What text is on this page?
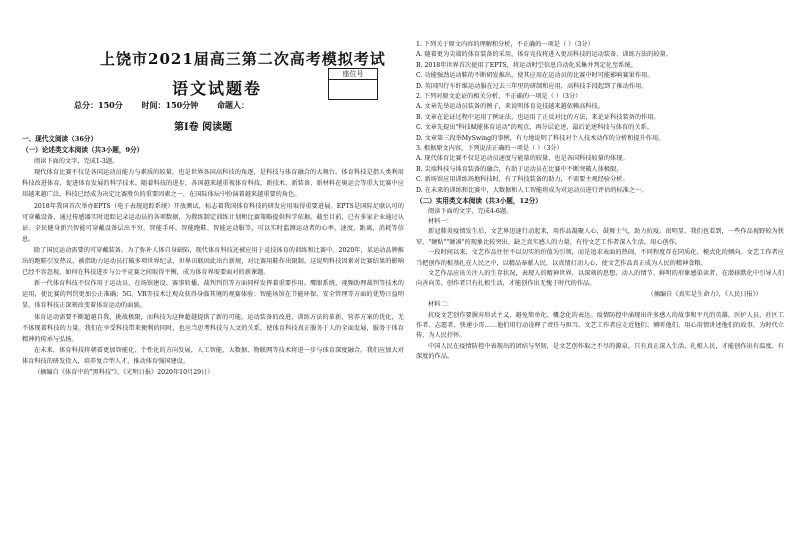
上饶市2021届高三第二次高考模拟考试
语文试题卷
座位号
总分：150分 时间：150分钟 命题人：
第Ⅰ卷 阅读题

一、现代文阅读（36分）

（一）论述类文本阅读（共3小题，9分）

阅读下面的文字，完成1-3题。

现代体育比赛不仅是各国运动员能力与素质的较量，也是世界各国高科技的角逐，是科技与体育融合的大舞台。体育科技是指人类利用科技改进体育，促进体育发展的科学技术。随着科技的进步，各国越来越重视体育科技，新技术、新装备、新材料在奥运会等重大比赛中应用越来越广泛，科技已经成为决定比赛胜负的重要因素之一，在国际体坛中扮演着越来越重要的角色。

2018年我国首次举办EPTS（电子表现追踪系统）开放测试，标志着我国体育科技的研发应用取得重要进展。EPTS是国际足联认可的可穿戴设备，通过传感器实时追踪记录运动员的各项数据，为教练制定训练计划和比赛策略提供科学依据。截至目前，已有多家企业通过认证。全民健身新兴智能可穿戴设备层出不穷，智能手环、智能跑鞋、智能运动服等，可以实时监测运动者的心率、速度、距离、消耗等信息。

除了国民运动需要的可穿戴装备，为了弥补人体自身缺陷，现代体育科技还被应用于竞技体育的训练和比赛中。2020年，某运动品牌推出的跑鞋引发热议，被指助力运动员打破多项世界纪录，世界田联因此出台新规，对比赛用鞋作出限制。这说明科技因素对比赛结果的影响已经不容忽视，如何在科技进步与公平竞赛之间取得平衡，成为体育界需要面对的新课题。

新一代体育科技不仅作用于运动员，在场馆建设、赛事转播、裁判判罚等方面同样发挥着重要作用。鹰眼系统、视频助理裁判等技术的运用，使比赛的判罚更加公正准确；5G、VR等技术让观众获得身临其境的观赛体验；智能场馆在节能环保、安全管理等方面的优势日益明显，体育科技正深刻改变着体育运动的面貌。

体育运动需要不断超越自我、挑战极限，而科技为这种超越提供了新的可能。运动装备的改进、训练方法的革新、营养方案的优化，无不体现着科技的力量。我们在享受科技带来便利的同时，也应当思考科技与人文的关系，使体育科技真正服务于人的全面发展，服务于体育精神的传承与弘扬。

在未来，体育科技将朝着更加智能化、个性化的方向发展，人工智能、大数据、物联网等技术将进一步与体育深度融合。我们应加大对体育科技的研发投入，培养复合型人才，推动体育强国建设。

（摘编自《体育中的"黑科技"》，《光明日报》2020年10月29日）

1. 下列关于原文内容的理解和分析，不正确的一项是（ ）（3分）

A. 随着更为尖端的体育装备的采用，体育竞技将进入更高科技的运动装备、训练方法的较量。

B. 2018年世界首次使用了EPTS，将运动时空信息自动化采集并判定化至系统。

C. 功能强劲运动鞋的不断研发推出，使其应用在运动员的比赛中时可能影响赛果作用。

D. 英国四行车纤维运动服在过去三年里的研制和应用，高科技手段起到了推动作用。

2. 下列对原文论证的相关分析，不正确的一项是（ ）（3分）

A. 文章先举运动员装备的例子，来说明体育竞技越来越依赖高科技。

B. 文章在论证过程中运用了例证法，也运用了正反对比的方法，来论证科技装备的作用。

C. 文章先提出"科技赋能体育运动"的观点，再分层论述，最后论述科技与体育的关系。

D. 文章第三段举MySwing的事例，有力地说明了科技对个人技术动作的分析和提升作用。

3. 根据原文内容，下列说法正确的一项是（ ）（3分）

A. 现代体育比赛不仅是运动员速度与能量的较量，也是各国科技较量的体现。

B. 尖端科技与体育装备的融合，有助于运动员在比赛中不断突破人体极限。

C. 新场馆应用训练场地科技时，有了科技装备的助力，不需要主观经验分析。

D. 在未来的训练和比赛中，大数据和人工智能将成为对运动员进行评估的标准之一。

（二）实用类文本阅读（共3小题，12分）

阅读下面的文字，完成4-6题。

材料一：

新冠肺炎疫情发生后，文艺界迅速行动起来，用作品凝聚人心，鼓舞士气，助力抗疫。很明显，我们也看到，一些作品视野较为狭窄，"硬贴""硬凑"的现象比较突出，缺乏真实感人的力量，有待文艺工作者深入生活，用心创作。

一段时间以来，文艺作品往往不以切实的价值为引领，而是追求表面的热闹，不同程度存在同质化、模式化的倾向。文艺工作者应当把创作的根基扎在人民之中，以精品奉献人民，以真情打动人心，使文艺作品真正成为人民的精神食粮。

文艺作品应该关注人的生存状况，表现人的精神世界，以深刻的思想、动人的情节、鲜明的形象感染读者，在潜移默化中引导人们向善向美。创作者只有扎根生活，才能创作出无愧于时代的作品。

（摘编自《真实是生命力》，《人民日报》）

材料二：

抗疫文艺创作要摒弃形式主义，避免简单化、概念化的表达。疫情防控中涌现出许多感人的故事和平凡的英雄，医护人员、社区工作者、志愿者、快递小哥……他们用行动诠释了责任与担当。文艺工作者应走近他们、倾听他们，用心用情讲述他们的故事，为时代立传，为人民抒怀。

中国人民在疫情防控中表现出的团结与坚韧，是文艺创作取之不尽的源泉。只有真正深入生活、扎根人民，才能创作出有温度、有深度的作品。
